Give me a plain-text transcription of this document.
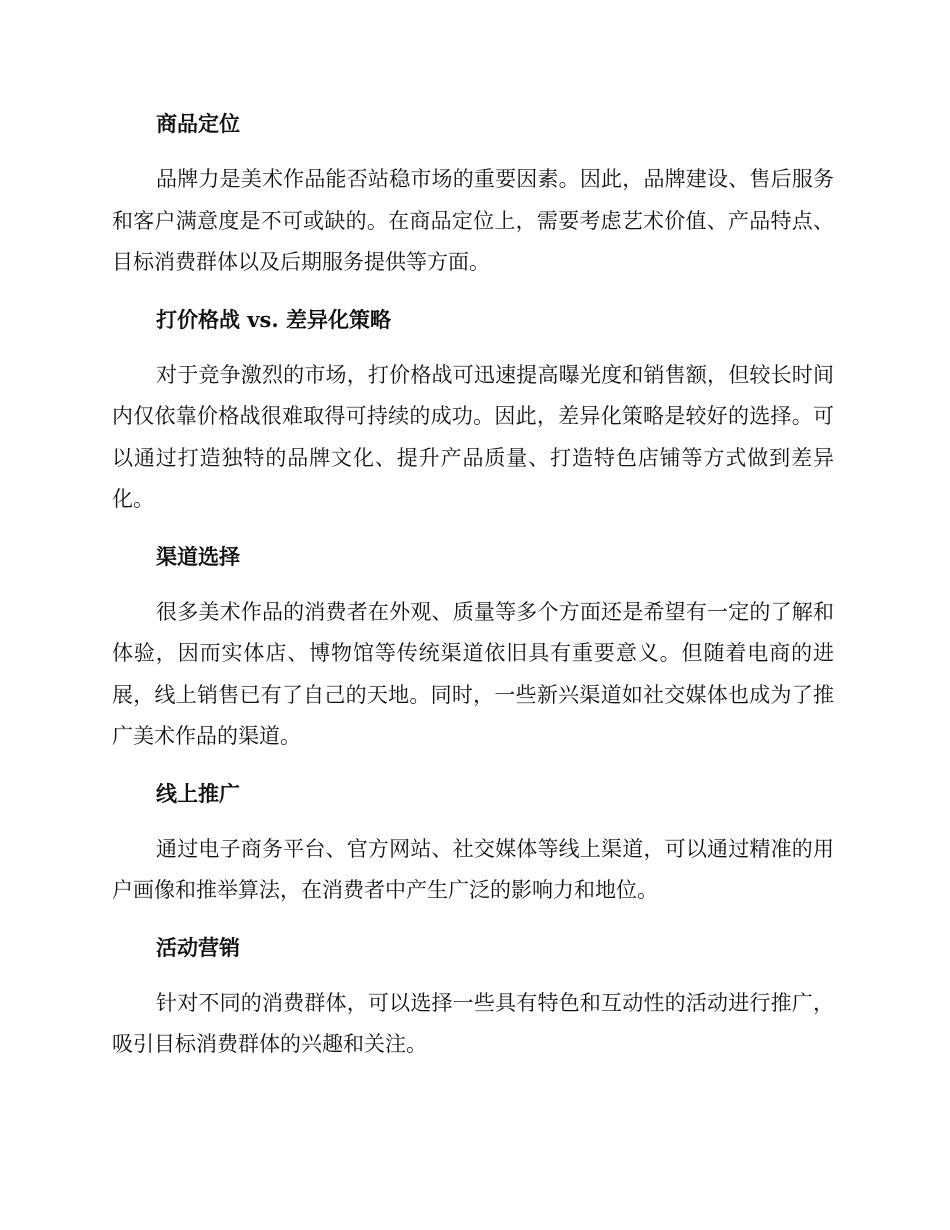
商品定位

品牌力是美术作品能否站稳市场的重要因素。因此，品牌建设、售后服务和客户满意度是不可或缺的。在商品定位上，需要考虑艺术价值、产品特点、目标消费群体以及后期服务提供等方面。

打价格战 vs. 差异化策略

对于竞争激烈的市场，打价格战可迅速提高曝光度和销售额，但较长时间内仅依靠价格战很难取得可持续的成功。因此，差异化策略是较好的选择。可以通过打造独特的品牌文化、提升产品质量、打造特色店铺等方式做到差异化。

渠道选择

很多美术作品的消费者在外观、质量等多个方面还是希望有一定的了解和体验，因而实体店、博物馆等传统渠道依旧具有重要意义。但随着电商的进展，线上销售已有了自己的天地。同时，一些新兴渠道如社交媒体也成为了推广美术作品的渠道。

线上推广

通过电子商务平台、官方网站、社交媒体等线上渠道，可以通过精准的用户画像和推举算法，在消费者中产生广泛的影响力和地位。

活动营销

针对不同的消费群体，可以选择一些具有特色和互动性的活动进行推广，吸引目标消费群体的兴趣和关注。
